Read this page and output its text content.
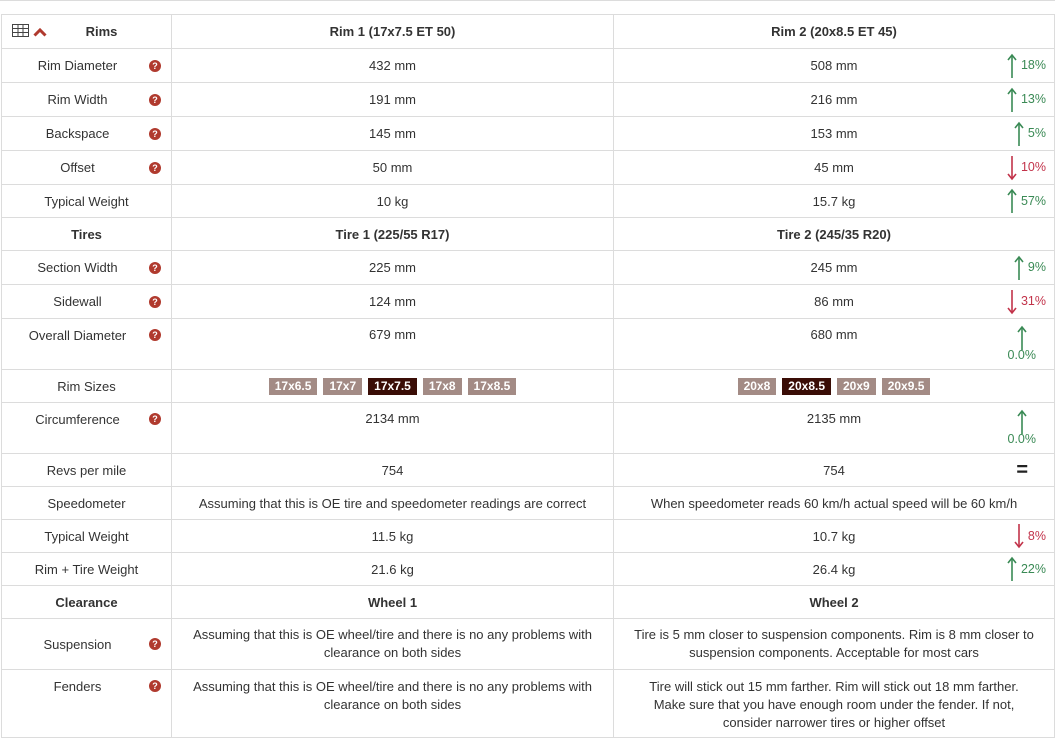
Rims	Rim 1 (17x7.5 ET 50)	Rim 2 (20x8.5 ET 45)
Rim Diameter ?	432 mm	508 mm 18%

Rim Width ?	191 mm	216 mm 13%

Backspace ?	145 mm	153 mm 5%

Offset ?	50 mm	45 mm 10%

Typical Weight	10 kg	15.7 kg 57%

Tires	Tire 1 (225/55 R17)	Tire 2 (245/35 R20)
Section Width ?	225 mm	245 mm 9%

Sidewall ?	124 mm	86 mm 31%

Overall Diameter ?	679 mm	680 mm
0.0%

Rim Sizes	17x6.5 17x7 17x7.5 17x8 17x8.5	20x8 20x8.5 20x9 20x9.5
Circumference ?	2134 mm	2135 mm
0.0%

Revs per mile	754	754 =

Speedometer	Assuming that this is OE tire and speedometer readings are correct	When speedometer reads 60 km/h actual speed will be 60 km/h
Typical Weight	11.5 kg	10.7 kg 8%

Rim + Tire Weight	21.6 kg	26.4 kg 22%

Clearance	Wheel 1	Wheel 2
Suspension ?	Assuming that this is OE wheel/tire and there is no any problems with clearance on both sides	Tire is 5 mm closer to suspension components. Rim is 8 mm closer to suspension components. Acceptable for most cars

Fenders ?	Assuming that this is OE wheel/tire and there is no any problems with clearance on both sides	Tire will stick out 15 mm farther. Rim will stick out 18 mm farther. Make sure that you have enough room under the fender. If not, consider narrower tires or higher offset
